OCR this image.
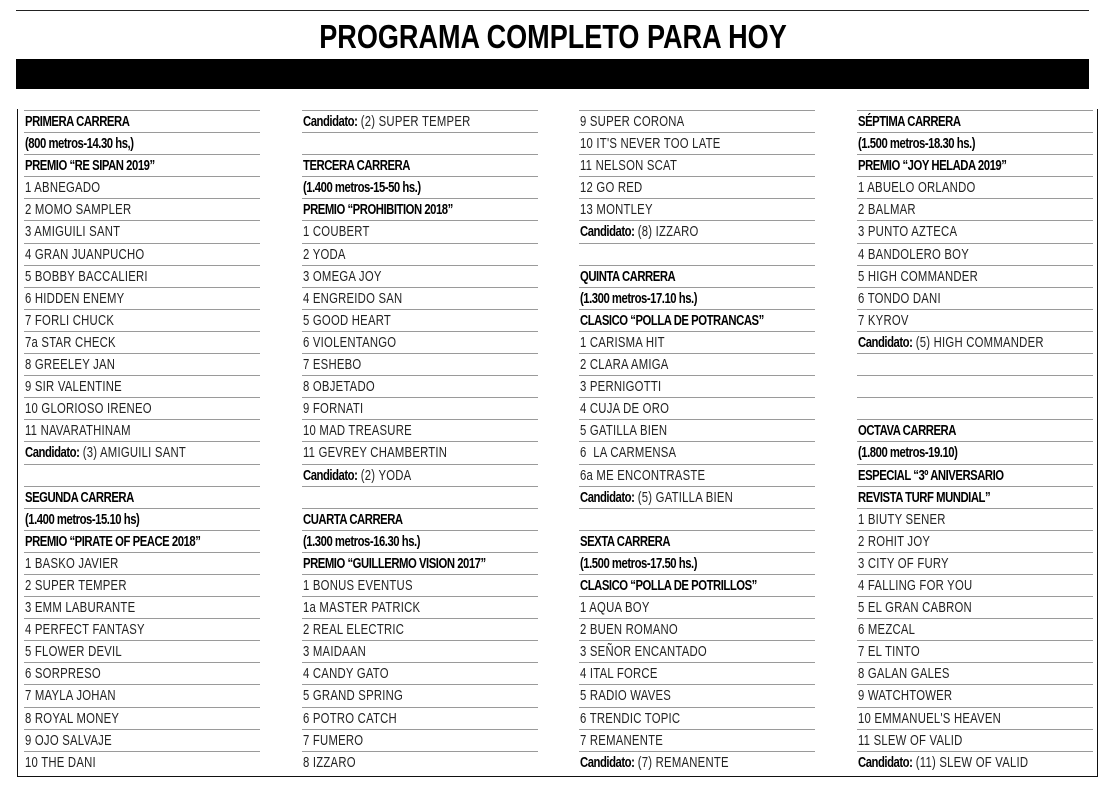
PROGRAMA COMPLETO PARA HOY
PRIMERA CARRERA
(800 metros-14.30 hs,)
PREMIO “RE SIPAN 2019”
1 ABNEGADO
2 MOMO SAMPLER
3 AMIGUILI SANT
4 GRAN JUANPUCHO
5 BOBBY BACCALIERI
6 HIDDEN ENEMY
7 FORLI CHUCK
7a STAR CHECK
8 GREELEY JAN
9 SIR VALENTINE
10 GLORIOSO IRENEO
11 NAVARATHINAM
Candidato: (3) AMIGUILI SANT
SEGUNDA CARRERA
(1.400 metros-15.10 hs)
PREMIO “PIRATE OF PEACE 2018”
1 BASKO JAVIER
2 SUPER TEMPER
3 EMM LABURANTE
4 PERFECT FANTASY
5 FLOWER DEVIL
6 SORPRESO
7 MAYLA JOHAN
8 ROYAL MONEY
9 OJO SALVAJE
10 THE DANI
Candidato: (2) SUPER TEMPER
TERCERA CARRERA
(1.400 metros-15-50 hs.)
PREMIO “PROHIBITION 2018”
1 COUBERT
2 YODA
3 OMEGA JOY
4 ENGREIDO SAN
5 GOOD HEART
6 VIOLENTANGO
7 ESHEBO
8 OBJETADO
9 FORNATI
10 MAD TREASURE
11 GEVREY CHAMBERTIN
Candidato: (2) YODA
CUARTA CARRERA
(1.300 metros-16.30 hs.)
PREMIO “GUILLERMO VISION 2017”
1 BONUS EVENTUS
1a MASTER PATRICK
2 REAL ELECTRIC
3 MAIDAAN
4 CANDY GATO
5 GRAND SPRING
6 POTRO CATCH
7 FUMERO
8 IZZARO
9 SUPER CORONA
10 IT'S NEVER TOO LATE
11 NELSON SCAT
12 GO RED
13 MONTLEY
Candidato: (8) IZZARO
QUINTA CARRERA
(1.300 metros-17.10 hs.)
CLASICO “POLLA DE POTRANCAS”
1 CARISMA HIT
2 CLARA AMIGA
3 PERNIGOTTI
4 CUJA DE ORO
5 GATILLA BIEN
6  LA CARMENSA
6a ME ENCONTRASTE
Candidato: (5) GATILLA BIEN
SEXTA CARRERA
(1.500 metros-17.50 hs.)
CLASICO “POLLA DE POTRILLOS”
1 AQUA BOY
2 BUEN ROMANO
3 SEÑOR ENCANTADO
4 ITAL FORCE
5 RADIO WAVES
6 TRENDIC TOPIC
7 REMANENTE
Candidato: (7) REMANENTE
SÉPTIMA CARRERA
(1.500 metros-18.30 hs.)
PREMIO “JOY HELADA 2019”
1 ABUELO ORLANDO
2 BALMAR
3 PUNTO AZTECA
4 BANDOLERO BOY
5 HIGH COMMANDER
6 TONDO DANI
7 KYROV
Candidato: (5) HIGH COMMANDER
OCTAVA CARRERA
(1.800 metros-19.10)
ESPECIAL “3º ANIVERSARIO
REVISTA TURF MUNDIAL”
1 BIUTY SENER
2 ROHIT JOY
3 CITY OF FURY
4 FALLING FOR YOU
5 EL GRAN CABRON
6 MEZCAL
7 EL TINTO
8 GALAN GALES
9 WATCHTOWER
10 EMMANUEL'S HEAVEN
11 SLEW OF VALID
Candidato: (11) SLEW OF VALID
